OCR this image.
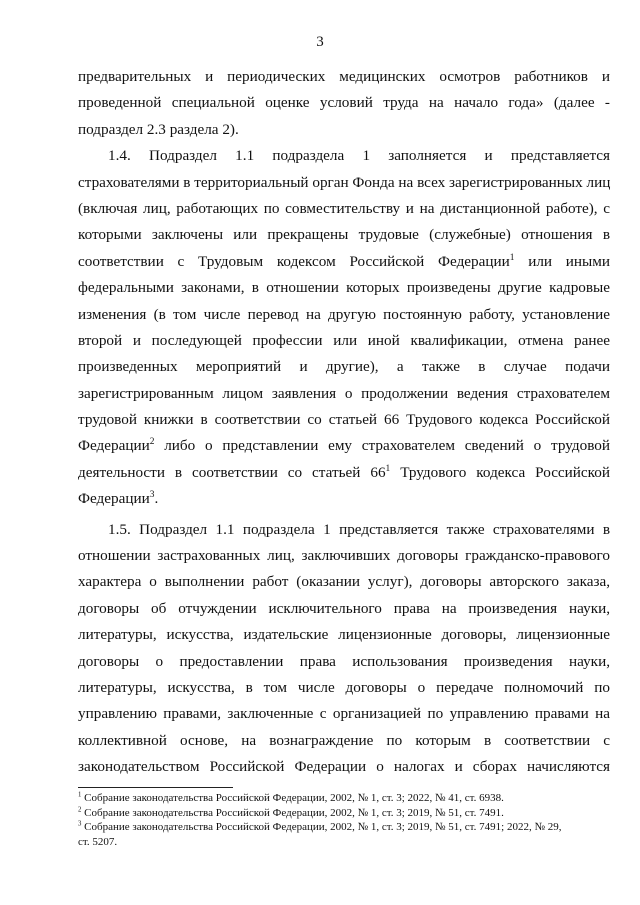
3
предварительных и периодических медицинских осмотров работников и
проведенной специальной оценке условий труда на начало года» (далее -
подраздел 2.3 раздела 2).
1.4. Подраздел 1.1 подраздела 1 заполняется и представляется
страхователями в территориальный орган Фонда на всех зарегистрированных лиц
(включая лиц, работающих по совместительству и на дистанционной работе), с
которыми заключены или прекращены трудовые (служебные) отношения в
соответствии с Трудовым кодексом Российской Федерации$^1$ или иными
федеральными законами, в отношении которых произведены другие кадровые
изменения (в том числе перевод на другую постоянную работу, установление
второй и последующей профессии или иной квалификации, отмена ранее
произведенных мероприятий и другие), а также в случае подачи
зарегистрированным лицом заявления о продолжении ведения страхователем
трудовой книжки в соответствии со статьей 66 Трудового кодекса Российской
Федерации$^2$ либо о представлении ему страхователем сведений о трудовой
деятельности в соответствии со статьей $66^1$ Трудового кодекса Российской
Федерации$^3$.
1.5. Подраздел 1.1 подраздела 1 представляется также страхователями в
отношении застрахованных лиц, заключивших договоры гражданско-правового
характера о выполнении работ (оказании услуг), договоры авторского заказа,
договоры об отчуждении исключительного права на произведения науки,
литературы, искусства, издательские лицензионные договоры, лицензионные
договоры о предоставлении права использования произведения науки,
литературы, искусства, в том числе договоры о передаче полномочий по
управлению правами, заключенные с организацией по управлению правами на
коллективной основе, на вознаграждение по которым в соответствии с
законодательством Российской Федерации о налогах и сборах начисляются
$^1$ Собрание законодательства Российской Федерации, 2002, № 1, ст. 3; 2022, № 41, ст. 6938.
$^2$ Собрание законодательства Российской Федерации, 2002, № 1, ст. 3; 2019, № 51, ст. 7491.
$^3$ Собрание законодательства Российской Федерации, 2002, № 1, ст. 3; 2019, № 51, ст. 7491; 2022, № 29,
ст. 5207.
